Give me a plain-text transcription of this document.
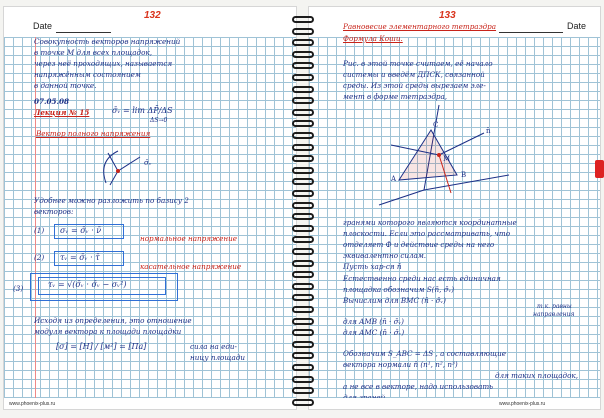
Date
132
Совокупность векторов напряжений
в точке M для всех площадок,
через неё проходящих, называется
напряжённым состоянием
в данной точке.
07.05.08
Лекция № 15	σ̄ᵥ = lim ΔP̄/ΔS
ΔS→0
Вектор полного напряжения
σ̄ᵥ
Удобнее можно разложить по базису 2
векторов:
(1) σᵥ = σ̄ᵥ · ν̄
нормальное напряжение
(2) τᵥ = σ̄ᵥ · τ̄
касательное напряжение
(3)	τᵥ = √(σ̄ᵥ · σ̄ᵥ − σᵥ²)
Исходя из определения, это отношение
модуля вектора к площади площадки
[σ] = [H] / [м²] = [Па]	сила на еди-
ницу площади
www.phoenix-plus.ru
133
Date
Равновесие элементарного тетраэдра
Формула Коши.
Рис. в этой точке считаем, её начало
системы и введём ДПСК, связанной
среды. Из этой среды вырезаем эле-
мент в форме тетраэдра,
n̄
M
A	B
C
гранями которого являются координатные
плоскости. Если это рассматривать, что
отделяет Ф и действие среды на него
эквивалентно силам.
Пусть хар-ся n̄
Естественно среди нас есть единичная
площадка обозначим S(n̄, σ̄ᵥ)
Вычислим для BMC (n̄ · σ̄ᵥ)
т.к. равны
направления
для AMB (n̄ · σ̄ᵥ)
для AMC (n̄ · σ̄ᵥ)
Обозначим S_ABC = ΔS , а составляющие
вектора нормали n̄ (n¹, n², n³)
для таких площадок,
а не все в векторе, надо использовать
www.phoenix-plus.ru
